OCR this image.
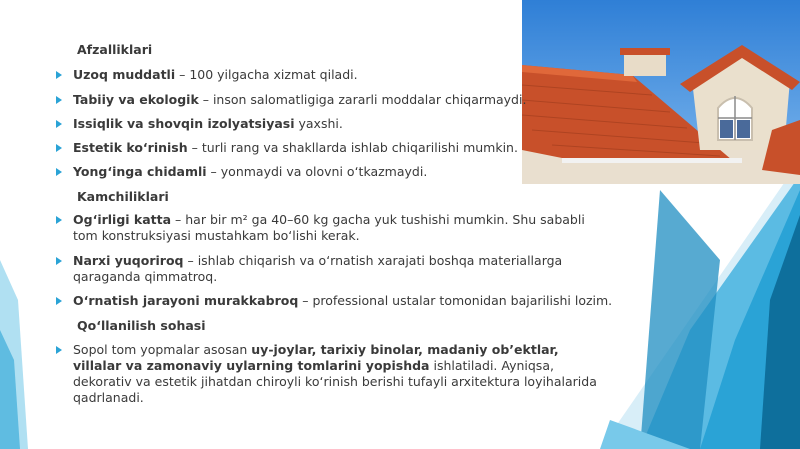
Afzalliklari
Uzoq muddatli – 100 yilgacha xizmat qiladi.
Tabiiy va ekologik – inson salomatligiga zararli moddalar chiqarmaydi.
Issiqlik va shovqin izolyatsiyasi yaxshi.
Estetik ko‘rinish – turli rang va shakllarda ishlab chiqarilishi mumkin.
Yong‘inga chidamli – yonmaydi va olovni o‘tkazmaydi.
Kamchiliklari
Og‘irligi katta – har bir m² ga 40–60 kg gacha yuk tushishi mumkin. Shu sababli tom konstruksiyasi mustahkam bo‘lishi kerak.
Narxi yuqoriroq – ishlab chiqarish va o‘rnatish xarajati boshqa materiallarga qaraganda qimmatroq.
O‘rnatish jarayoni murakkabroq – professional ustalar tomonidan bajarilishi lozim.
Qo‘llanilish sohasi
Sopol tom yopmalar asosan uy-joylar, tarixiy binolar, madaniy ob’ektlar, villalar va zamonaviy uylarning tomlarini yopishda ishlatiladi. Ayniqsa, dekorativ va estetik jihatdan chiroyli ko‘rinish berishi tufayli arxitektura loyihalarida qadrlanadi.
